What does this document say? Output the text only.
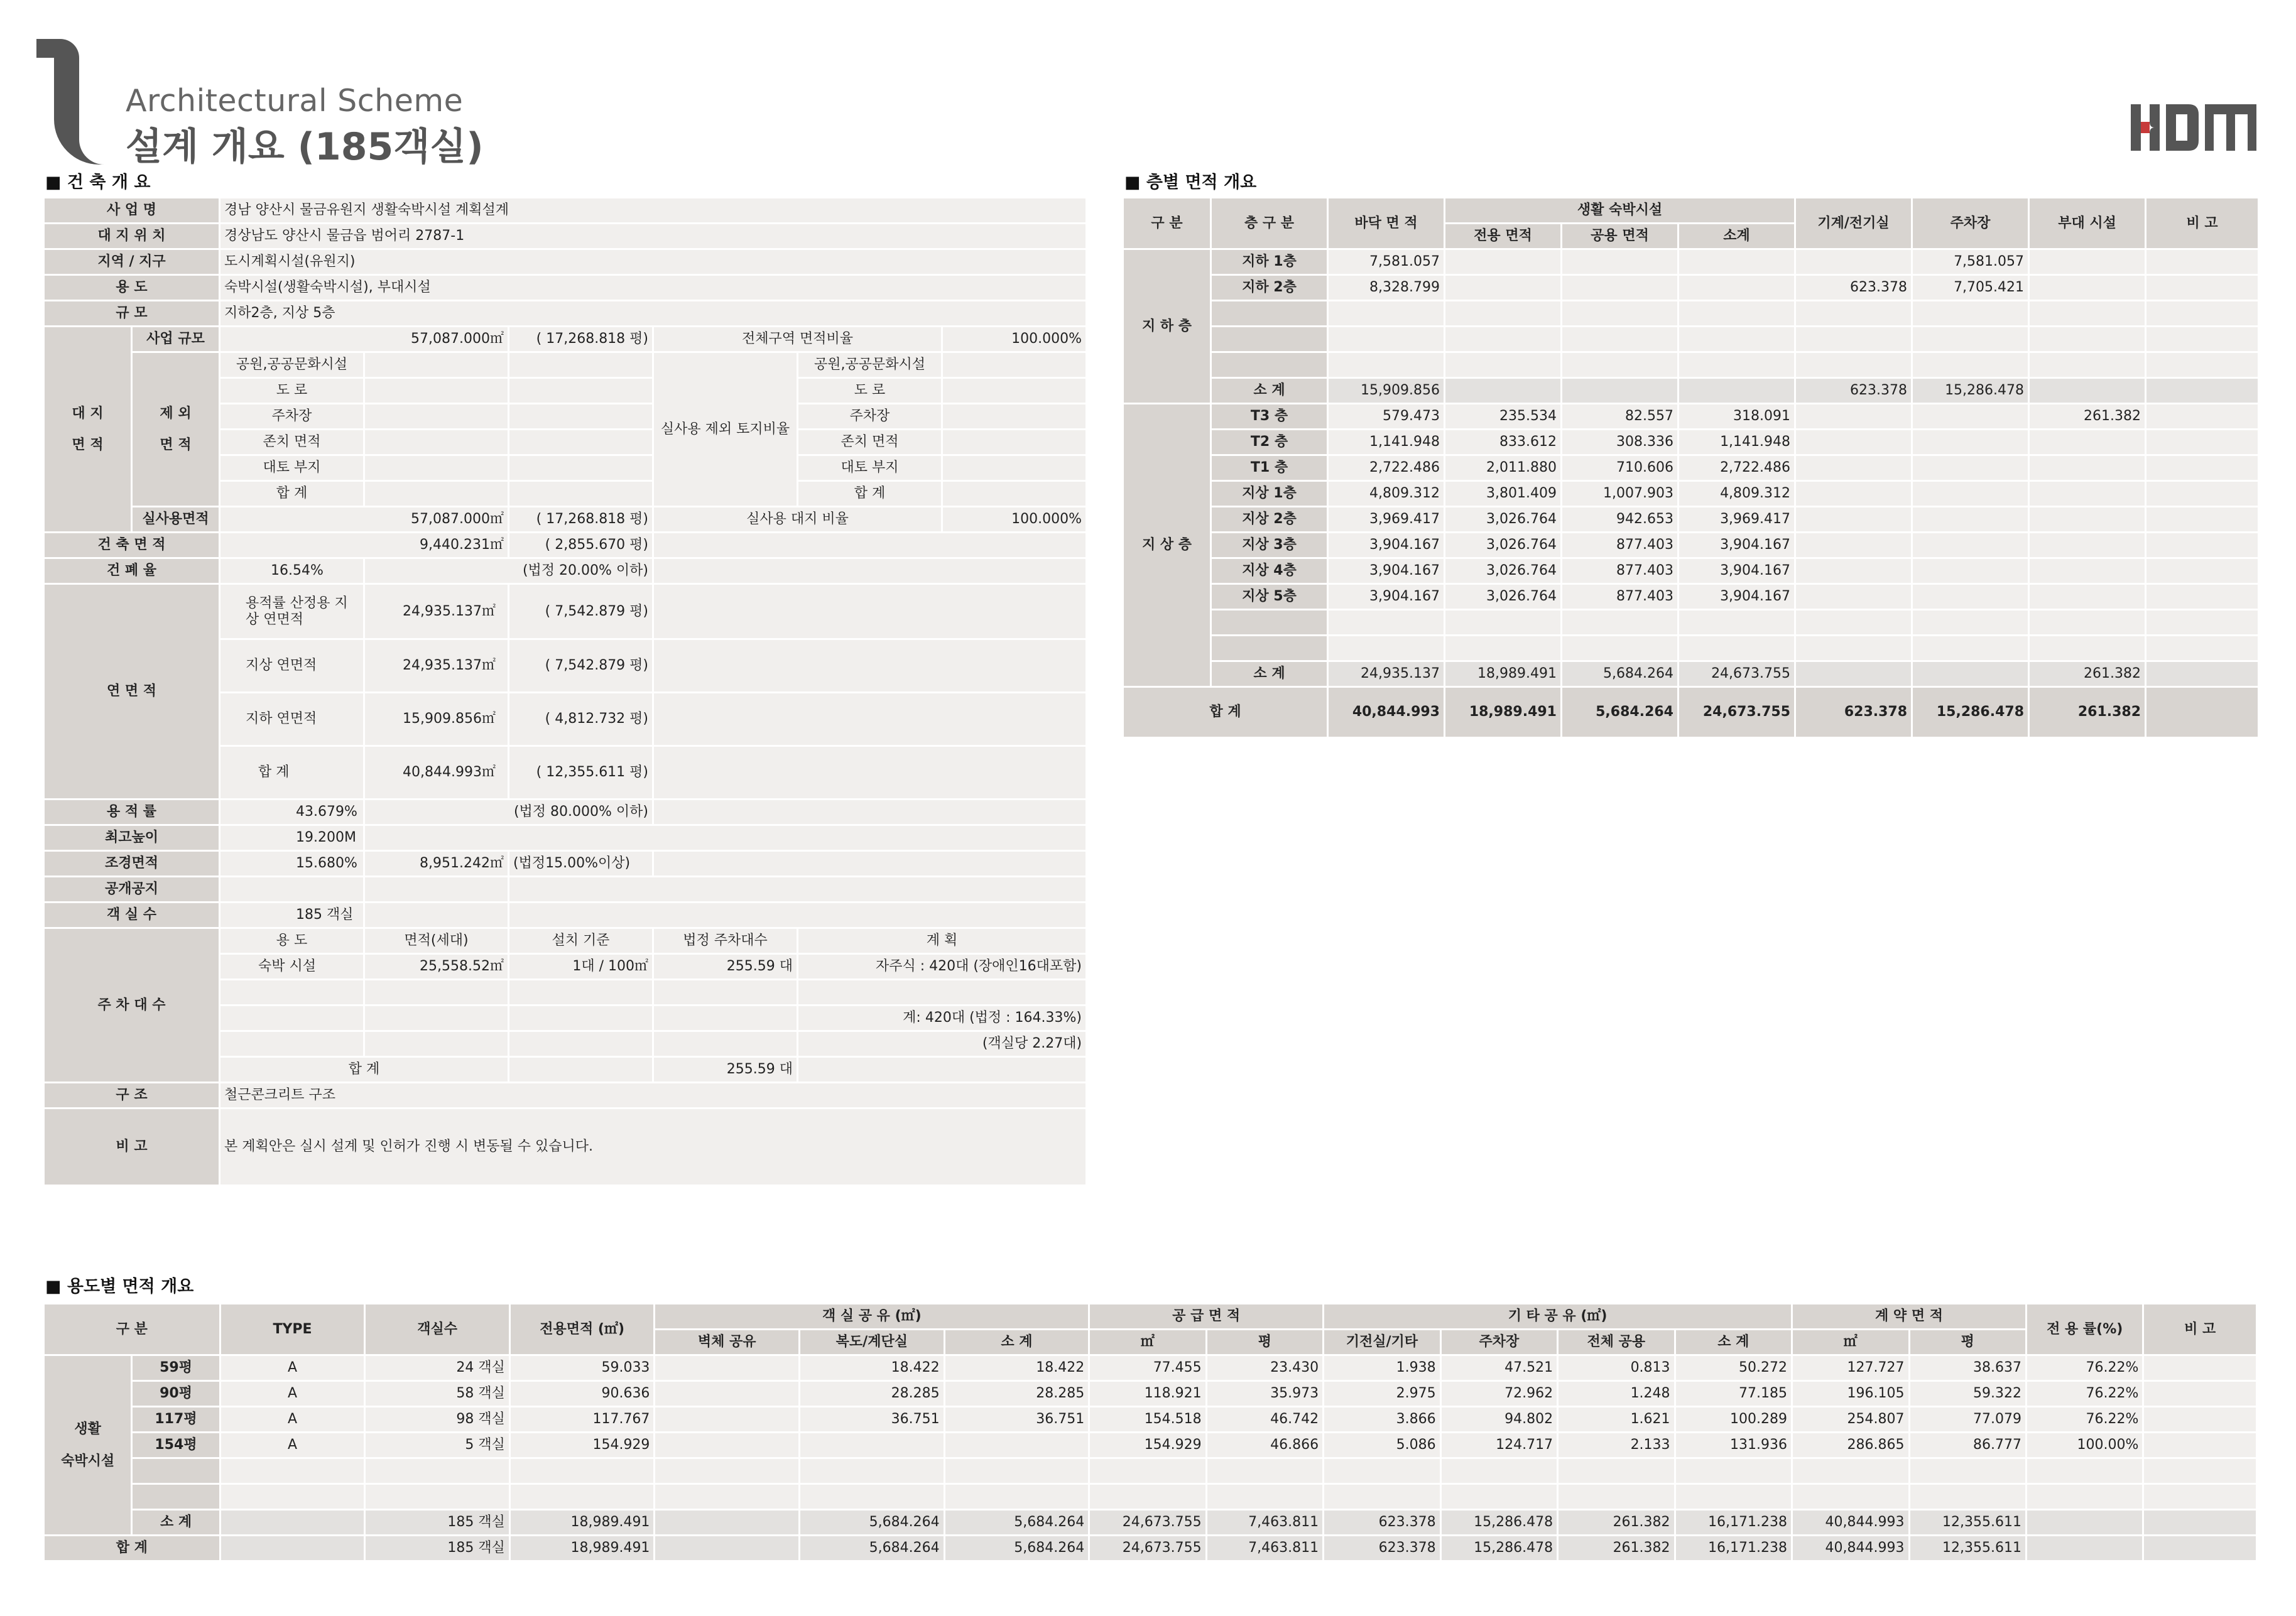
Architectural Scheme
설계 개요 (185객실)
■ 건 축 개 요	■ 층별 면적 개요
■ 용도별 면적 개요
사 업 명		경남 양산시 물금유원지 생활숙박시설 계획설계					
대 지 위 치		경상남도 양산시 물금읍 범어리 2787-1					
지역 / 지구		도시계획시설(유원지)					
용 도		숙박시설(생활숙박시설), 부대시설					
규 모		지하2층, 지상 5층					
대 지

면 적	사업 규모	57,087.000㎡		( 17,268.818 평)	전체구역 면적비율		100.000%
	제 외

면 적	공원,공공문화시설			실사용 제외 토지비율	공원,공공문화시설	
		도 로				도 로	
		주차장				주차장	
		존치 면적				존치 면적	
		대토 부지				대토 부지	
		합 계				합 계	
	실사용면적	57,087.000㎡		( 17,268.818 평)	실사용 대지 비율		100.000%
건 축 면 적		9,440.231㎡		( 2,855.670 평)			
건 폐 율		16.54%	(법정 20.00% 이하)				
연 면 적		용적률 산정용 지상 연면적	24,935.137㎡	( 7,542.879 평)			
		지상 연면적	24,935.137㎡	( 7,542.879 평)			
		지하 연면적	15,909.856㎡	( 4,812.732 평)			
		합 계	40,844.993㎡	( 12,355.611 평)			
용 적 률		43.679%	(법정 80.000% 이하)				
최고높이		19.200M					
조경면적		15.680%	8,951.242㎡	(법정15.00%이상)			
공개공지							
객 실 수		185 객실					
주 차 대 수		용 도	면적(세대)	설치 기준	법정 주차대수	계 획	
		숙박 시설	25,558.52㎡	1대 / 100㎡	255.59 대	자주식 : 420대 (장애인16대포함)	

						계: 420대 (법정 : 164.33%)	
						(객실당 2.27대)	
		합 계			255.59 대		
구 조		철근콘크리트 구조					
비 고		본 계획안은 실시 설계 및 인허가 진행 시 변동될 수 있습니다.					
구 분	층 구 분	바닥 면 적	생활 숙박시설			기계/전기실	주차장	부대 시설	비 고
			전용 면적	공용 면적	소계				
지 하 층	지하 1층	7,581.057					7,581.057		
	지하 2층	8,328.799				623.378	7,705.421		

	소 계	15,909.856				623.378	15,286.478		
지 상 층	T3 층	579.473	235.534	82.557	318.091			261.382	
	T2 층	1,141.948	833.612	308.336	1,141.948				
	T1 층	2,722.486	2,011.880	710.606	2,722.486				
	지상 1층	4,809.312	3,801.409	1,007.903	4,809.312				
	지상 2층	3,969.417	3,026.764	942.653	3,969.417				
	지상 3층	3,904.167	3,026.764	877.403	3,904.167				
	지상 4층	3,904.167	3,026.764	877.403	3,904.167				
	지상 5층	3,904.167	3,026.764	877.403	3,904.167				

	소 계	24,935.137	18,989.491	5,684.264	24,673.755			261.382	
합 계		40,844.993	18,989.491	5,684.264	24,673.755	623.378	15,286.478	261.382	
구 분		TYPE	객실수	전용면적 (㎡)	객 실 공 유 (㎡)			공 급 면 적		기 타 공 유 (㎡)				계 약 면 적		전 용 률(%)	비 고
					벽체 공유	복도/계단실	소 계	㎡	평	기전실/기타	주차장	전체 공용	소 계	㎡	평		
생활

숙박시설	59평	A	24 객실	59.033		18.422	18.422	77.455	23.430	1.938	47.521	0.813	50.272	127.727	38.637	76.22%	
	90평	A	58 객실	90.636		28.285	28.285	118.921	35.973	2.975	72.962	1.248	77.185	196.105	59.322	76.22%	
	117평	A	98 객실	117.767		36.751	36.751	154.518	46.742	3.866	94.802	1.621	100.289	254.807	77.079	76.22%	
	154평	A	5 객실	154.929				154.929	46.866	5.086	124.717	2.133	131.936	286.865	86.777	100.00%	

	소 계		185 객실	18,989.491		5,684.264	5,684.264	24,673.755	7,463.811	623.378	15,286.478	261.382	16,171.238	40,844.993	12,355.611		
합 계			185 객실	18,989.491		5,684.264	5,684.264	24,673.755	7,463.811	623.378	15,286.478	261.382	16,171.238	40,844.993	12,355.611		
